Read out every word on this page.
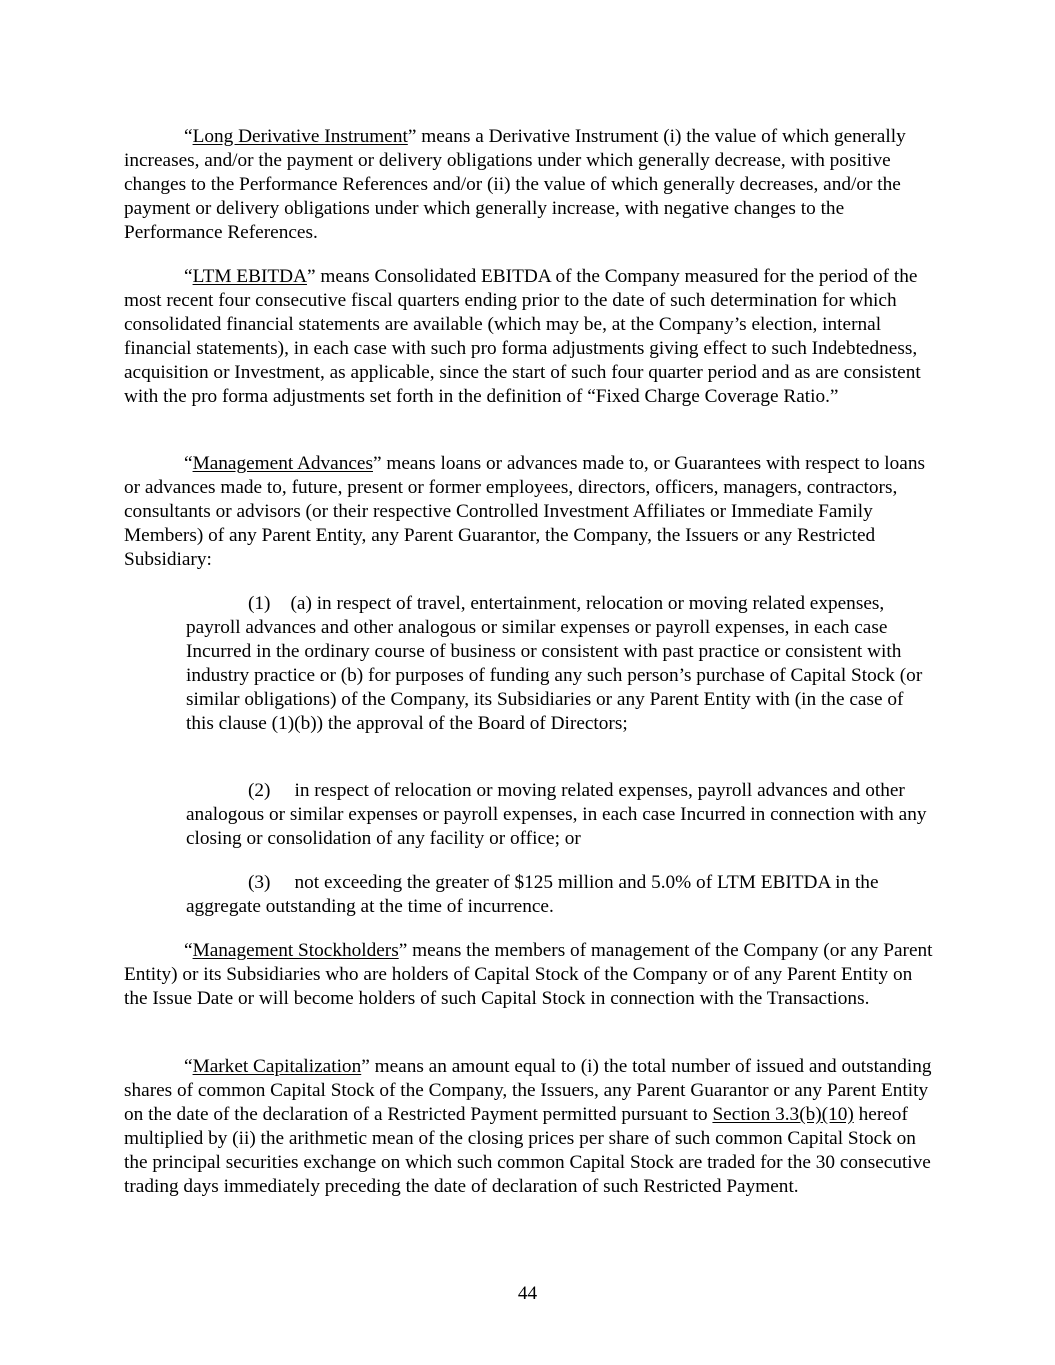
“Long Derivative Instrument” means a Derivative Instrument (i) the value of which generally increases, and/or the payment or delivery obligations under which generally decrease, with positive changes to the Performance References and/or (ii) the value of which generally decreases, and/or the payment or delivery obligations under which generally increase, with negative changes to the Performance References.

“LTM EBITDA” means Consolidated EBITDA of the Company measured for the period of the most recent four consecutive fiscal quarters ending prior to the date of such determination for which consolidated financial statements are available (which may be, at the Company’s election, internal financial statements), in each case with such pro forma adjustments giving effect to such Indebtedness, acquisition or Investment, as applicable, since the start of such four quarter period and as are consistent with the pro forma adjustments set forth in the definition of “Fixed Charge Coverage Ratio.”

“Management Advances” means loans or advances made to, or Guarantees with respect to loans or advances made to, future, present or former employees, directors, officers, managers, contractors, consultants or advisors (or their respective Controlled Investment Affiliates or Immediate Family Members) of any Parent Entity, any Parent Guarantor, the Company, the Issuers or any Restricted Subsidiary:

(1) (a) in respect of travel, entertainment, relocation or moving related expenses, payroll advances and other analogous or similar expenses or payroll expenses, in each case Incurred in the ordinary course of business or consistent with past practice or consistent with industry practice or (b) for purposes of funding any such person’s purchase of Capital Stock (or similar obligations) of the Company, its Subsidiaries or any Parent Entity with (in the case of this clause (1)(b)) the approval of the Board of Directors;

(2) in respect of relocation or moving related expenses, payroll advances and other analogous or similar expenses or payroll expenses, in each case Incurred in connection with any closing or consolidation of any facility or office; or

(3) not exceeding the greater of $125 million and 5.0% of LTM EBITDA in the aggregate outstanding at the time of incurrence.

“Management Stockholders” means the members of management of the Company (or any Parent Entity) or its Subsidiaries who are holders of Capital Stock of the Company or of any Parent Entity on the Issue Date or will become holders of such Capital Stock in connection with the Transactions.

“Market Capitalization” means an amount equal to (i) the total number of issued and outstanding shares of common Capital Stock of the Company, the Issuers, any Parent Guarantor or any Parent Entity on the date of the declaration of a Restricted Payment permitted pursuant to Section 3.3(b)(10) hereof multiplied by (ii) the arithmetic mean of the closing prices per share of such common Capital Stock on the principal securities exchange on which such common Capital Stock are traded for the 30 consecutive trading days immediately preceding the date of declaration of such Restricted Payment.

44
